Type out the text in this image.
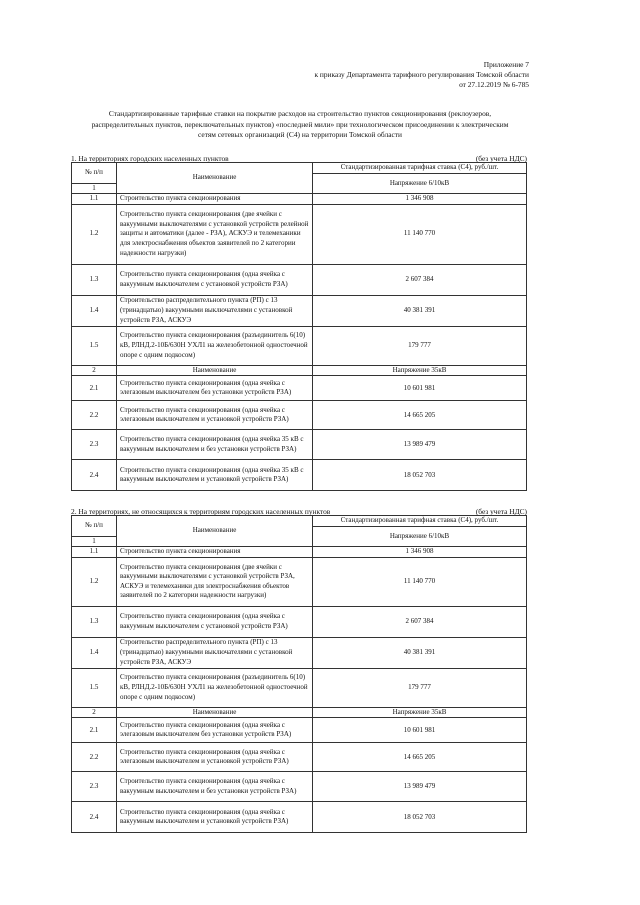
Приложение 7
к приказу Департамента тарифного регулирования Томской области
от 27.12.2019 № 6-785
Стандартизированные тарифные ставки на покрытие расходов на строительство пунктов секционирования (реклоузеров,
распределительных пунктов, переключательных пунктов) «последней мили» при технологическом присоединении к электрическим
сетям сетевых организаций (С4) на территории Томской области
1. На территориях городских населенных пунктов	(без учета НДС)
№ п/п	Наименование	Стандартизированная тарифная ставка (С4), руб./шт.
		Напряжение 6/10кВ
1		
1.1	Строительство пункта секционирования	1 346 908
1.2	Строительство пункта секционирования (две ячейки с вакуумными выключателями с установкой устройств релейной защиты и автоматики (далее - РЗА), АСКУЭ и телемеханики для электроснабжения объектов заявителей по 2 категории надежности нагрузки)	11 140 770
1.3	Строительство пункта секционирования (одна ячейка с вакуумным выключателем с установкой устройств РЗА)	2 607 384
1.4	Строительство распределительного пункта (РП) с 13 (тринадцатью) вакуумными выключателями с установкой устройств РЗА, АСКУЭ	40 381 391
1.5	Строительство пункта секционирования (разъединитель 6(10) кВ, РЛНД.2-10Б/630Н УХЛ1 на железобетонной одностоечной опоре с одним подкосом)	179 777
2	Наименование	Напряжение 35кВ
2.1	Строительство пункта секционирования (одна ячейка с элегазовым выключателем без установки устройств РЗА)	10 601 981
2.2	Строительство пункта секционирования (одна ячейка с элегазовым выключателем и установкой устройств РЗА)	14 665 205
2.3	Строительство пункта секционирования (одна ячейка 35 кВ с вакуумным выключателем и без установки устройств РЗА)	13 989 479
2.4	Строительство пункта секционирования (одна ячейка 35 кВ с вакуумным выключателем и установкой устройств РЗА)	18 052 703
2. На территориях, не относящихся к территориям городских населенных пунктов	(без учета НДС)
№ п/п	Наименование	Стандартизированная тарифная ставка (С4), руб./шт.
		Напряжение 6/10кВ
1		
1.1	Строительство пункта секционирования	1 346 908
1.2	Строительство пункта секционирования (две ячейки с вакуумными выключателями с установкой устройств РЗА, АСКУЭ и телемеханики для электроснабжения объектов заявителей по 2 категории надежности нагрузки)	11 140 770
1.3	Строительство пункта секционирования (одна ячейка с вакуумным выключателем с установкой устройств РЗА)	2 607 384
1.4	Строительство распределительного пункта (РП) с 13 (тринадцатью) вакуумными выключателями с установкой устройств РЗА, АСКУЭ	40 381 391
1.5	Строительство пункта секционирования (разъединитель 6(10) кВ, РЛНД.2-10Б/630Н УХЛ1 на железобетонной одностоечной опоре с одним подкосом)	179 777
2	Наименование	Напряжение 35кВ
2.1	Строительство пункта секционирования (одна ячейка с элегазовым выключателем без установки устройств РЗА)	10 601 981
2.2	Строительство пункта секционирования (одна ячейка с элегазовым выключателем и установкой устройств РЗА)	14 665 205
2.3	Строительство пункта секционирования (одна ячейка с вакуумным выключателем и без установки устройств РЗА)	13 989 479
2.4	Строительство пункта секционирования (одна ячейка с вакуумным выключателем и установкой устройств РЗА)	18 052 703
